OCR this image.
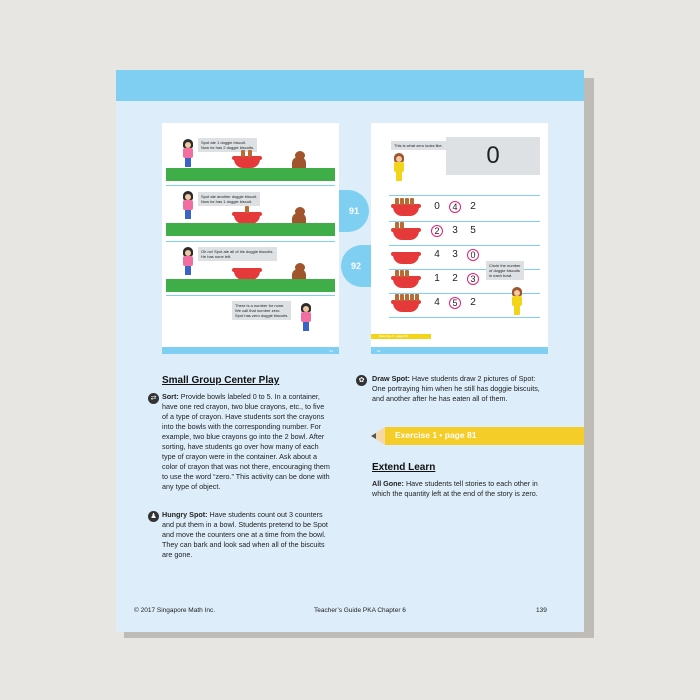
Spot ate 1 doggie biscuit.
Now he has 2 doggie biscuits.
Spot ate another doggie biscuit.
Now he has 1 doggie biscuit.
Oh no! Spot ate all of his doggie biscuits.
He has none left.
There is a number for none.
We call that number zero.
Spot has zero doggie biscuits.
91
This is what zero looks like.	0
0	4	2
2	3	5
4	3	0
1	2	3
4	5	2
Circle the number
of doggie biscuits
in each bowl.
Exercise 1 • page 81
92
91
92
Small Group Center Play
⇄ Sort: Provide bowls labeled 0 to 5. In a container,
have one red crayon, two blue crayons, etc., to five
of a type of crayon. Have students sort the crayons
into the bowls with the corresponding number. For
example, two blue crayons go into the 2 bowl. After
sorting, have students go over how many of each
type of crayon were in the container. Ask about a
color of crayon that was not there, encouraging them
to use the word “zero.” This activity can be done with
any type of object.
♟ Hungry Spot: Have students count out 3 counters
and put them in a bowl. Students pretend to be Spot
and move the counters one at a time from the bowl.
They can bark and look sad when all of the biscuits
are gone.
✿	Draw Spot: Have students draw 2 pictures of Spot:
One portraying him when he still has doggie biscuits,
and another after he has eaten all of them.
Exercise 1 • page 81
Extend Learn
All Gone: Have students tell stories to each other in
which the quantity left at the end of the story is zero.
© 2017 Singapore Math Inc.	Teacher’s Guide PKA Chapter 6	139
